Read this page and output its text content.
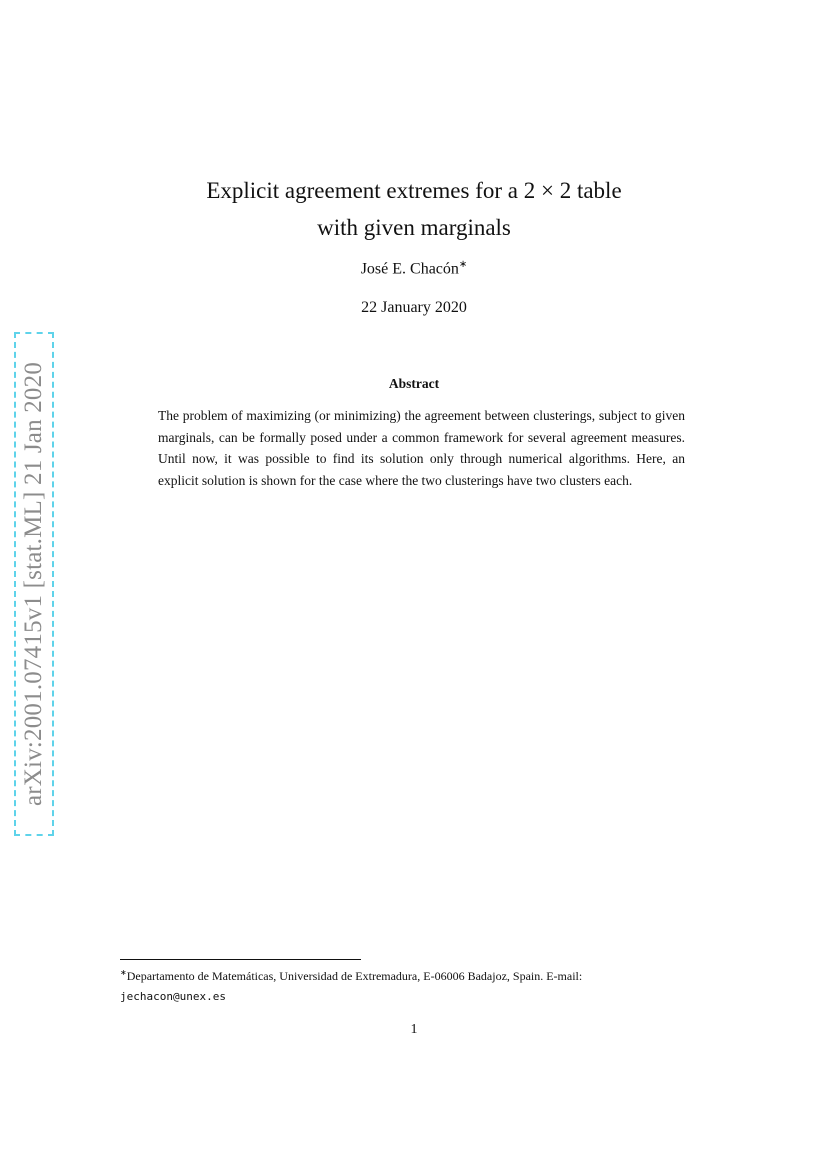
arXiv:2001.07415v1 [stat.ML] 21 Jan 2020
Explicit agreement extremes for a 2 × 2 table
with given marginals
José E. Chacón∗
22 January 2020
Abstract
The problem of maximizing (or minimizing) the agreement between clusterings, subject to given marginals, can be formally posed under a common framework for several agreement measures. Until now, it was possible to find its solution only through numerical algorithms. Here, an explicit solution is shown for the case where the two clusterings have two clusters each.
∗Departamento de Matemáticas, Universidad de Extremadura, E-06006 Badajoz, Spain. E-mail:
jechacon@unex.es
1
